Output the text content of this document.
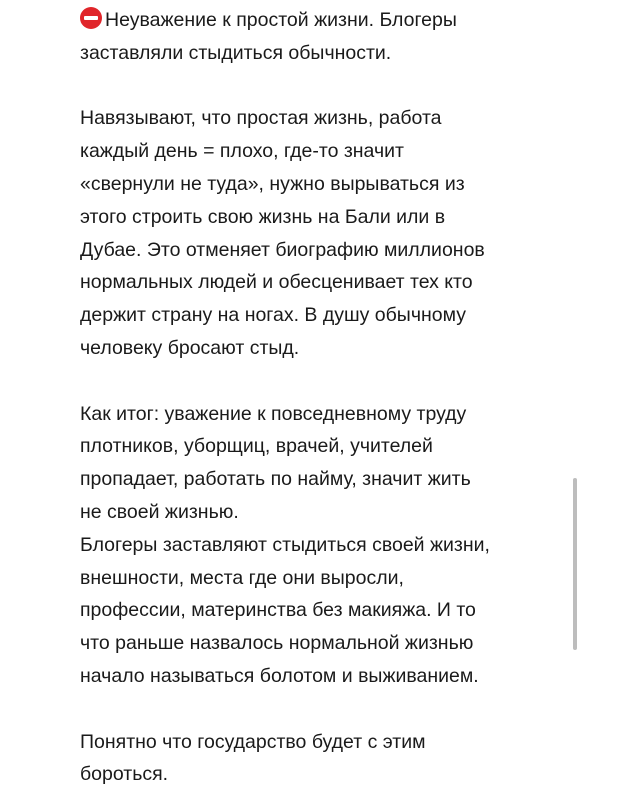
Неуважение к простой жизни. Блогеры
заставляли стыдиться обычности.

Навязывают, что простая жизнь, работа
каждый день = плохо, где-то значит
«свернули не туда», нужно вырываться из
этого строить свою жизнь на Бали или в
Дубае. Это отменяет биографию миллионов
нормальных людей и обесценивает тех кто
держит страну на ногах. В душу обычному
человеку бросают стыд.

Как итог: уважение к повседневному труду
плотников, уборщиц, врачей, учителей
пропадает, работать по найму, значит жить
не своей жизнью.
Блогеры заставляют стыдиться своей жизни,
внешности, места где они выросли,
профессии, материнства без макияжа. И то
что раньше назвалось нормальной жизнью
начало называться болотом и выживанием.

Понятно что государство будет с этим
бороться.
